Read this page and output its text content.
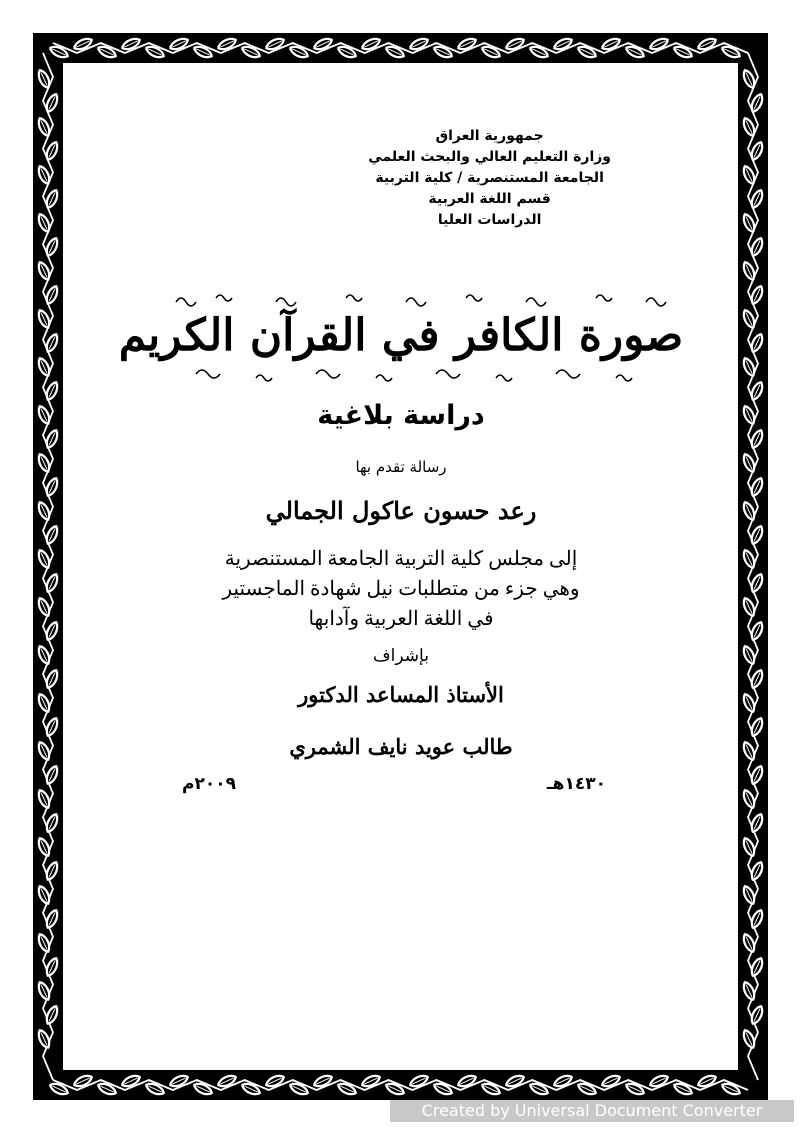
جمهورية العراق
وزارة التعليم العالي والبحث العلمي
الجامعة المستنصرية / كلية التربية
قسم اللغة العربية
الدراسات العليا
صورة الكافر في القرآن الكريم
دراسة بلاغية
رسالة تقدم بها
رعد حسون عاكول الجمالي
إلى مجلس كلية التربية الجامعة المستنصرية
وهي جزء من متطلبات نيل شهادة الماجستير
في اللغة العربية وآدابها
بإشراف
الأستاذ المساعد الدكتور
طالب عويد نايف الشمري
١٤٣٠هـ
٢٠٠٩م
Created by Universal Document Converter
